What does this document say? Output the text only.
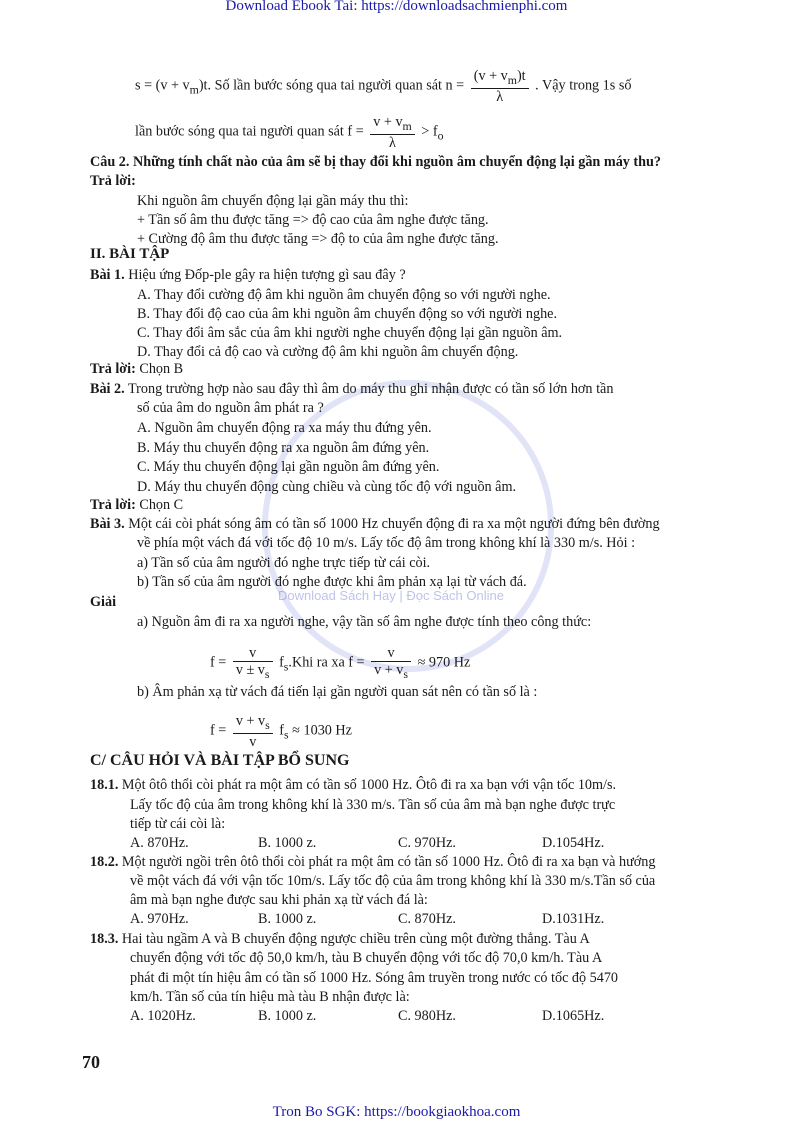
Download Ebook Tai: https://downloadsachmienphi.com
Download Sách Hay | Đọc Sách Online
$s = (v + v_m)t$. Số lần bước sóng qua tai người quan sát $n = \frac{(v + v_m)t}{\lambda}$ . Vậy trong 1s số
lần bước sóng qua tai người quan sát $f = \frac{v + v_m}{\lambda} > f_o$
Câu 2. Những tính chất nào của âm sẽ bị thay đổi khi nguồn âm chuyển động lại gần máy thu?
Trả lời:
Khi nguồn âm chuyển động lại gần máy thu thì:
+ Tần số âm thu được tăng => độ cao của âm nghe được tăng.
+ Cường độ âm thu được tăng => độ to của âm nghe được tăng.
II. BÀI TẬP
Bài 1. Hiệu ứng Đốp-ple gây ra hiện tượng gì sau đây ?
A. Thay đổi cường độ âm khi nguồn âm chuyển động so với người nghe.
B. Thay đổi độ cao của âm khi nguồn âm chuyển động so với người nghe.
C. Thay đổi âm sắc của âm khi người nghe chuyển động lại gần nguồn âm.
D. Thay đổi cả độ cao và cường độ âm khi nguồn âm chuyển động.
Trả lời: Chọn B
Bài 2. Trong trường hợp nào sau đây thì âm do máy thu ghi nhận được có tần số lớn hơn tần
số của âm do nguồn âm phát ra ?
A. Nguồn âm chuyển động ra xa máy thu đứng yên.
B. Máy thu chuyển động ra xa nguồn âm đứng yên.
C. Máy thu chuyển động lại gần nguồn âm đứng yên.
D. Máy thu chuyển động cùng chiều và cùng tốc độ với nguồn âm.
Trả lời: Chọn C
Bài 3. Một cái còi phát sóng âm có tần số 1000 Hz chuyển động đi ra xa một người đứng bên đường
về phía một vách đá với tốc độ 10 m/s. Lấy tốc độ âm trong không khí là 330 m/s. Hỏi :
a) Tần số của âm người đó nghe trực tiếp từ cái còi.
b) Tần số của âm người đó nghe được khi âm phản xạ lại từ vách đá.
Giải
a) Nguồn âm đi ra xa người nghe, vậy tần số âm nghe được tính theo công thức:
$f = \frac{v}{v \pm v_s} f_s.Khi$ ra xa $f = \frac{v}{v + v_s} \approx 970$ Hz
b) Âm phản xạ từ vách đá tiến lại gần người quan sát nên có tần số là :
$f = \frac{v + v_s}{v} f_s \approx 1030$ Hz
C/ CÂU HỎI VÀ BÀI TẬP BỔ SUNG
18.1. Một ôtô thổi còi phát ra một âm có tần số 1000 Hz. Ôtô đi ra xa bạn với vận tốc 10m/s.
Lấy tốc độ của âm trong không khí là 330 m/s. Tần số của âm mà bạn nghe được trực
tiếp từ cái còi là:
A. 870Hz.	B. 1000 z.	C. 970Hz.	D.1054Hz.
18.2. Một người ngồi trên ôtô thổi còi phát ra một âm có tần số 1000 Hz. Ôtô đi ra xa bạn và hướng
về một vách đá với vận tốc 10m/s. Lấy tốc độ của âm trong không khí là 330 m/s.Tần số của
âm mà bạn nghe được sau khi phản xạ từ vách đá là:
A. 970Hz.	B. 1000 z.	C. 870Hz.	D.1031Hz.
18.3. Hai tàu ngầm A và B chuyển động ngược chiều trên cùng một đường thẳng. Tàu A
chuyển động với tốc độ 50,0 km/h, tàu B chuyển động với tốc độ 70,0 km/h. Tàu A
phát đi một tín hiệu âm có tần số 1000 Hz. Sóng âm truyền trong nước có tốc độ 5470
km/h. Tần số của tín hiệu mà tàu B nhận được là:
A. 1020Hz.	B. 1000 z.	C. 980Hz.	D.1065Hz.
70
Tron Bo SGK: https://bookgiaokhoa.com
